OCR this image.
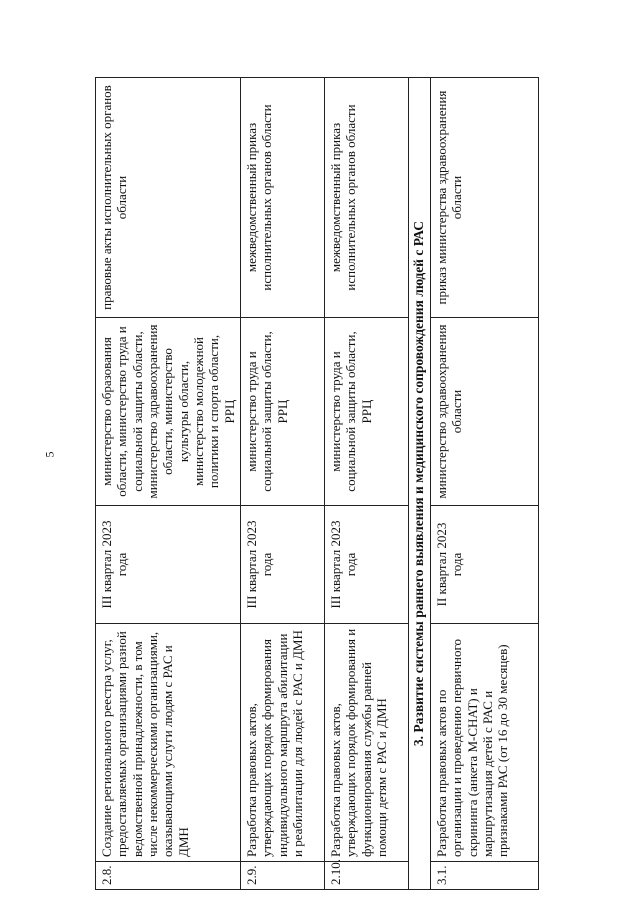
5
2.8.	Создание регионального реестра услуг, предоставляемых организациями разной ведомственной принадлежности, в том числе некоммерческими организациями, оказывающими услуги людям с РАС и ДМН	III квартал 2023 года	министерство образования области, министерство труда и социальной защиты области, министерство здравоохранения области, министерство культуры области, министерство молодежной политики и спорта области, РРЦ	правовые акты исполнительных органов области
2.9.	Разработка правовых актов, утверждающих порядок формирования индивидуального маршрута абилитации и реабилитации для людей с РАС и ДМН	III квартал 2023 года	министерство труда и социальной защиты области, РРЦ	межведомственный приказ исполнительных органов области
2.10.	Разработка правовых актов, утверждающих порядок формирования и функционирования службы ранней помощи детям с РАС и ДМН	III квартал 2023 года	министерство труда и социальной защиты области, РРЦ	межведомственный приказ исполнительных органов области
3. Развитие системы раннего выявления и медицинского сопровождения людей с РАС				
3.1.	Разработка правовых актов по организации и проведению первичного скрининга (анкета M-CHAT) и маршрутизация детей с РАС и признаками РАС (от 16 до 30 месяцев)	II квартал 2023 года	министерство здравоохранения области	приказ министерства здравоохранения области
